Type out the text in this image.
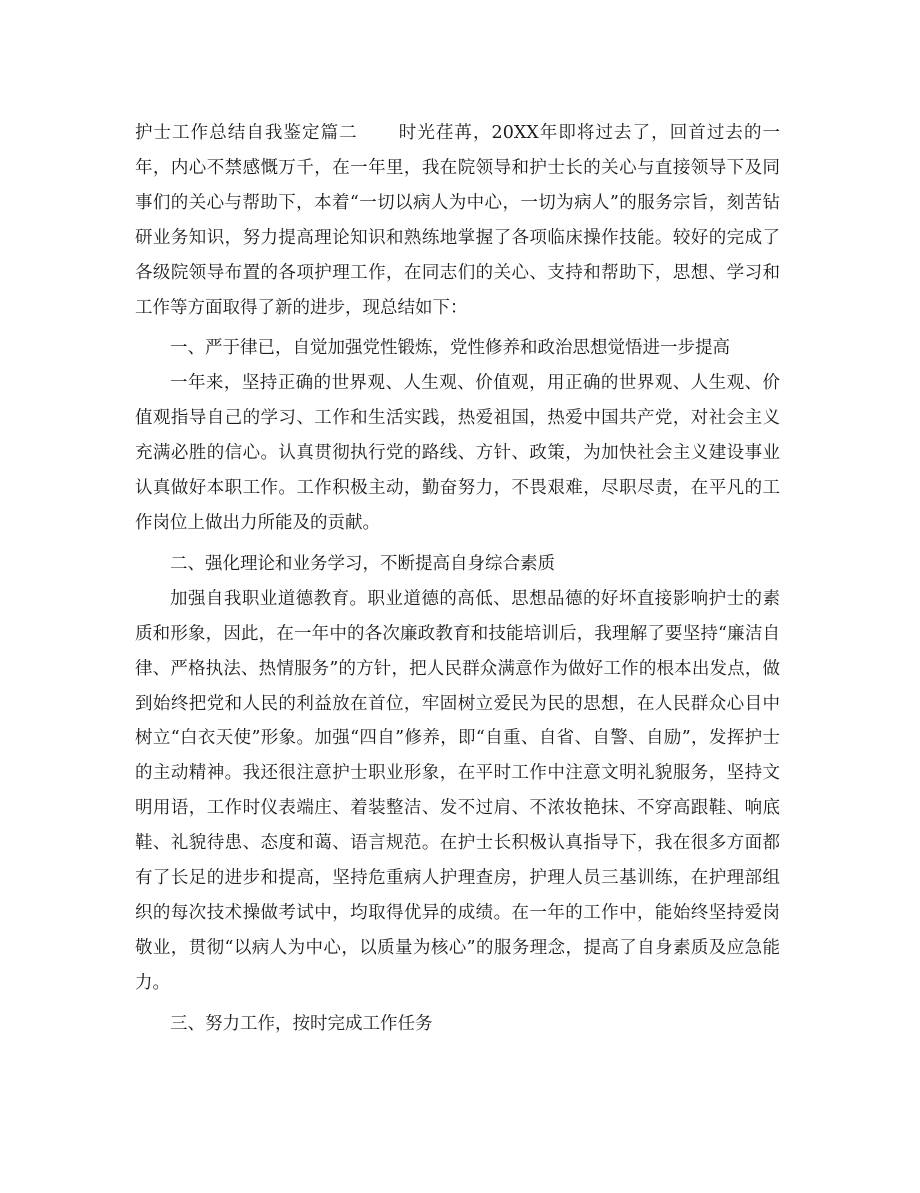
护士工作总结自我鉴定篇二 时光荏苒，20XX年即将过去了，回首过去的一年，内心不禁感慨万千，在一年里，我在院领导和护士长的关心与直接领导下及同事们的关心与帮助下，本着“一切以病人为中心，一切为病人”的服务宗旨，刻苦钻研业务知识，努力提高理论知识和熟练地掌握了各项临床操作技能。较好的完成了各级院领导布置的各项护理工作，在同志们的关心、支持和帮助下，思想、学习和工作等方面取得了新的进步，现总结如下：

一、严于律已，自觉加强党性锻炼，党性修养和政治思想觉悟进一步提高

一年来，坚持正确的世界观、人生观、价值观，用正确的世界观、人生观、价值观指导自己的学习、工作和生活实践，热爱祖国，热爱中国共产党，对社会主义充满必胜的信心。认真贯彻执行党的路线、方针、政策，为加快社会主义建设事业认真做好本职工作。工作积极主动，勤奋努力，不畏艰难，尽职尽责，在平凡的工作岗位上做出力所能及的贡献。

二、强化理论和业务学习，不断提高自身综合素质

加强自我职业道德教育。职业道德的高低、思想品德的好坏直接影响护士的素质和形象，因此，在一年中的各次廉政教育和技能培训后，我理解了要坚持“廉洁自律、严格执法、热情服务”的方针，把人民群众满意作为做好工作的根本出发点，做到始终把党和人民的利益放在首位，牢固树立爱民为民的思想，在人民群众心目中树立“白衣天使”形象。加强“四自”修养，即“自重、自省、自警、自励”，发挥护士的主动精神。我还很注意护士职业形象，在平时工作中注意文明礼貌服务，坚持文明用语，工作时仪表端庄、着装整洁、发不过肩、不浓妆艳抹、不穿高跟鞋、响底鞋、礼貌待患、态度和蔼、语言规范。在护士长积极认真指导下，我在很多方面都有了长足的进步和提高，坚持危重病人护理查房，护理人员三基训练，在护理部组织的每次技术操做考试中，均取得优异的成绩。在一年的工作中，能始终坚持爱岗敬业，贯彻“以病人为中心，以质量为核心”的服务理念，提高了自身素质及应急能力。

三、努力工作，按时完成工作任务
